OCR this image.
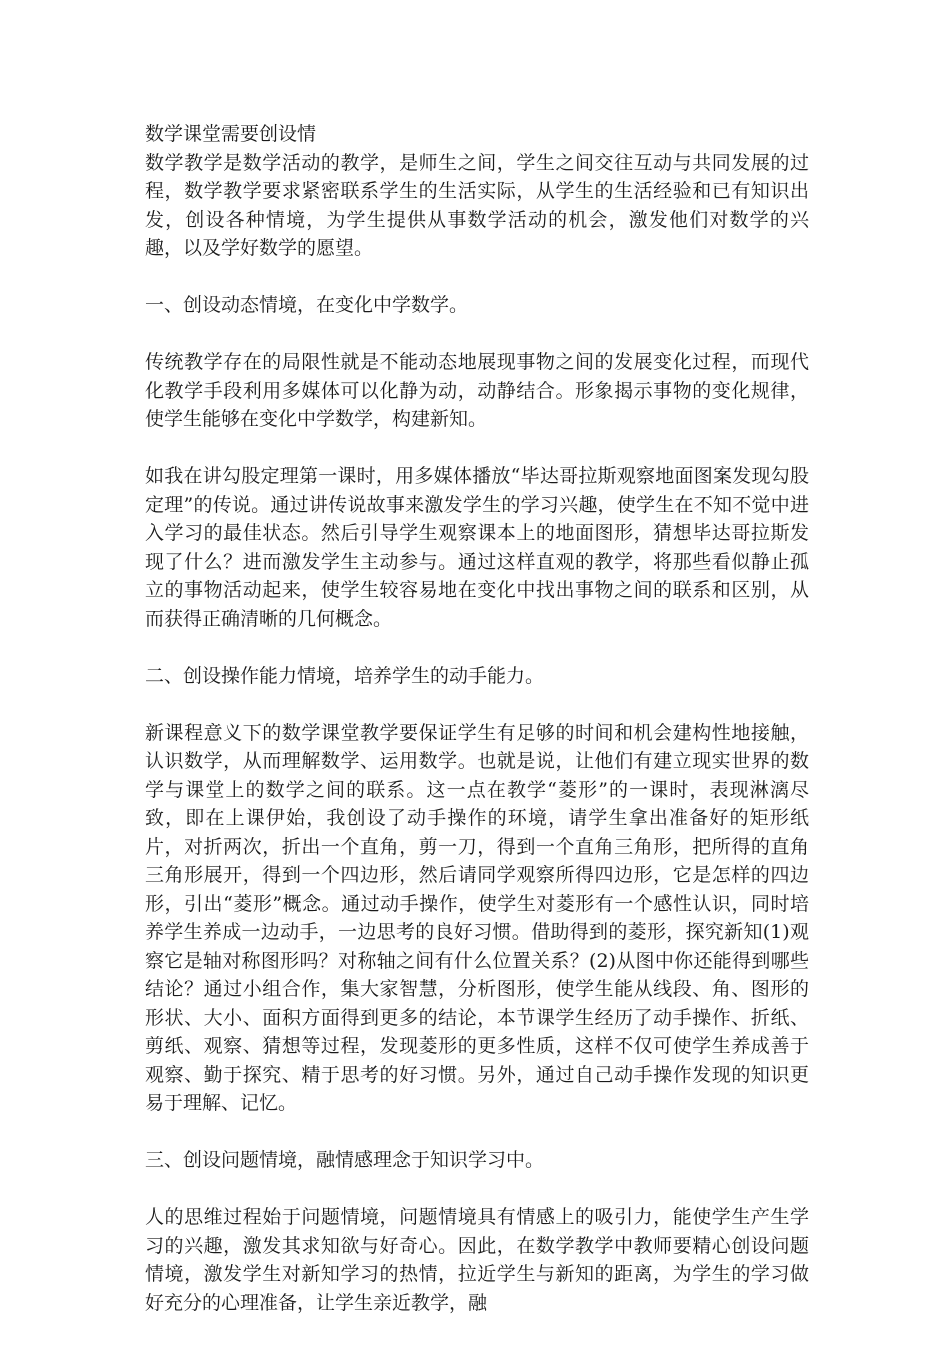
数学课堂需要创设情

数学教学是数学活动的教学，是师生之间，学生之间交往互动与共同发展的过程，数学教学要求紧密联系学生的生活实际，从学生的生活经验和已有知识出发，创设各种情境，为学生提供从事数学活动的机会，激发他们对数学的兴趣，以及学好数学的愿望。

一、创设动态情境，在变化中学数学。

传统教学存在的局限性就是不能动态地展现事物之间的发展变化过程，而现代化教学手段利用多媒体可以化静为动，动静结合。形象揭示事物的变化规律，使学生能够在变化中学数学，构建新知。

如我在讲勾股定理第一课时，用多媒体播放“毕达哥拉斯观察地面图案发现勾股定理”的传说。通过讲传说故事来激发学生的学习兴趣，使学生在不知不觉中进入学习的最佳状态。然后引导学生观察课本上的地面图形，猜想毕达哥拉斯发现了什么？进而激发学生主动参与。通过这样直观的教学，将那些看似静止孤立的事物活动起来，使学生较容易地在变化中找出事物之间的联系和区别，从而获得正确清晰的几何概念。

二、创设操作能力情境，培养学生的动手能力。

新课程意义下的数学课堂教学要保证学生有足够的时间和机会建构性地接触，认识数学，从而理解数学、运用数学。也就是说，让他们有建立现实世界的数学与课堂上的数学之间的联系。这一点在教学“菱形”的一课时，表现淋漓尽致，即在上课伊始，我创设了动手操作的环境，请学生拿出准备好的矩形纸片，对折两次，折出一个直角，剪一刀，得到一个直角三角形，把所得的直角三角形展开，得到一个四边形，然后请同学观察所得四边形，它是怎样的四边形，引出“菱形”概念。通过动手操作，使学生对菱形有一个感性认识，同时培养学生养成一边动手，一边思考的良好习惯。借助得到的菱形，探究新知(1)观察它是轴对称图形吗？对称轴之间有什么位置关系？(2)从图中你还能得到哪些结论？通过小组合作，集大家智慧，分析图形，使学生能从线段、角、图形的形状、大小、面积方面得到更多的结论，本节课学生经历了动手操作、折纸、剪纸、观察、猜想等过程，发现菱形的更多性质，这样不仅可使学生养成善于观察、勤于探究、精于思考的好习惯。另外，通过自己动手操作发现的知识更易于理解、记忆。

三、创设问题情境，融情感理念于知识学习中。

人的思维过程始于问题情境，问题情境具有情感上的吸引力，能使学生产生学习的兴趣，激发其求知欲与好奇心。因此，在数学教学中教师要精心创设问题情境，激发学生对新知学习的热情，拉近学生与新知的距离，为学生的学习做好充分的心理准备，让学生亲近教学，融
